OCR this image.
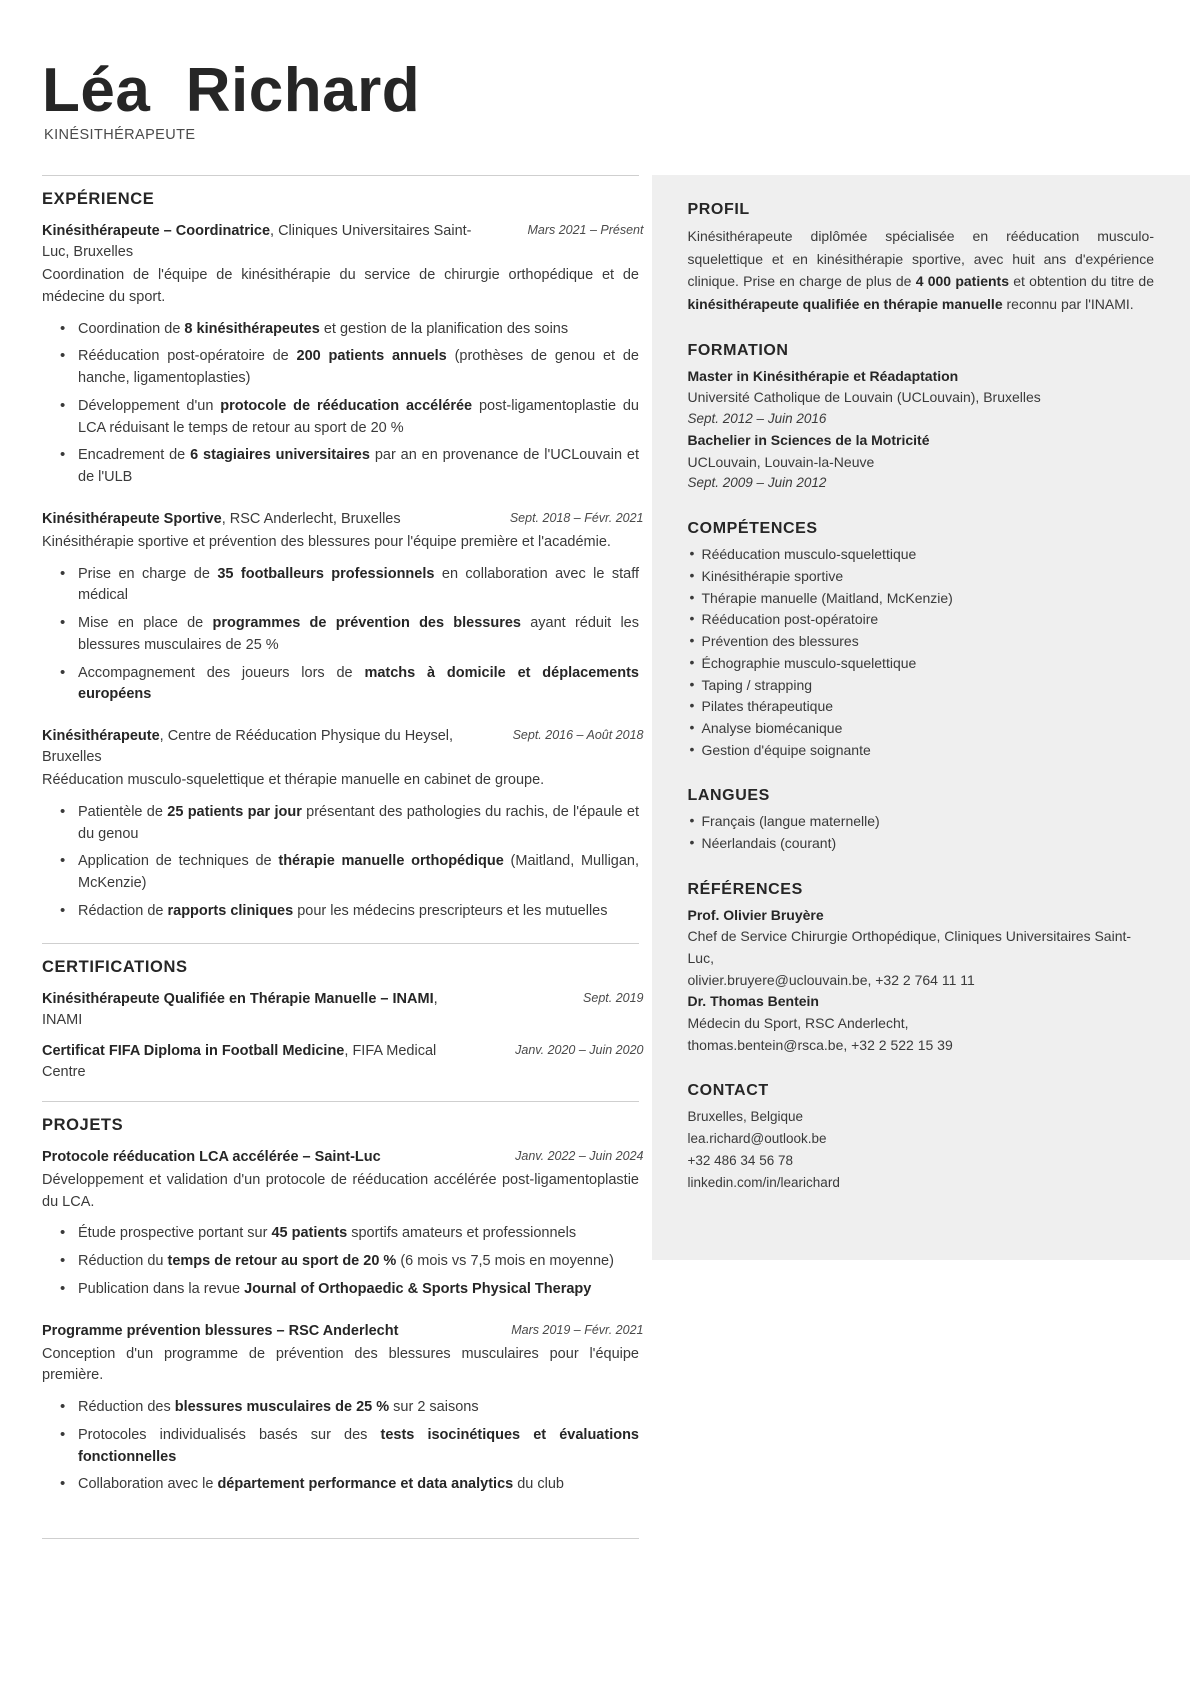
Léa  Richard
KINÉSITHÉRAPEUTE
EXPÉRIENCE
Kinésithérapeute – Coordinatrice, Cliniques Universitaires Saint-Luc, Bruxelles
Mars 2021 – Présent
Coordination de l'équipe de kinésithérapie du service de chirurgie orthopédique et de médecine du sport.
• Coordination de 8 kinésithérapeutes et gestion de la planification des soins
• Rééducation post-opératoire de 200 patients annuels (prothèses de genou et de hanche, ligamentoplasties)
• Développement d'un protocole de rééducation accélérée post-ligamentoplastie du LCA réduisant le temps de retour au sport de 20 %
• Encadrement de 6 stagiaires universitaires par an en provenance de l'UCLouvain et de l'ULB
Kinésithérapeute Sportive, RSC Anderlecht, Bruxelles	Sept. 2018 – Févr. 2021
Kinésithérapie sportive et prévention des blessures pour l'équipe première et l'académie.
• Prise en charge de 35 footballeurs professionnels en collaboration avec le staff médical
• Mise en place de programmes de prévention des blessures ayant réduit les blessures musculaires de 25 %
• Accompagnement des joueurs lors de matchs à domicile et déplacements européens
Kinésithérapeute, Centre de Rééducation Physique du Heysel, Bruxelles
Sept. 2016 – Août 2018
Rééducation musculo-squelettique et thérapie manuelle en cabinet de groupe.
• Patientèle de 25 patients par jour présentant des pathologies du rachis, de l'épaule et du genou
• Application de techniques de thérapie manuelle orthopédique (Maitland, Mulligan, McKenzie)
• Rédaction de rapports cliniques pour les médecins prescripteurs et les mutuelles
CERTIFICATIONS
Kinésithérapeute Qualifiée en Thérapie Manuelle – INAMI, INAMI
Sept. 2019
Certificat FIFA Diploma in Football Medicine, FIFA Medical Centre
Janv. 2020 – Juin 2020
PROJETS
Protocole rééducation LCA accélérée – Saint-Luc	Janv. 2022 – Juin 2024
Développement et validation d'un protocole de rééducation accélérée post-ligamentoplastie du LCA.
• Étude prospective portant sur 45 patients sportifs amateurs et professionnels
• Réduction du temps de retour au sport de 20 % (6 mois vs 7,5 mois en moyenne)
• Publication dans la revue Journal of Orthopaedic & Sports Physical Therapy
Programme prévention blessures – RSC Anderlecht	Mars 2019 – Févr. 2021
Conception d'un programme de prévention des blessures musculaires pour l'équipe première.
• Réduction des blessures musculaires de 25 % sur 2 saisons
• Protocoles individualisés basés sur des tests isocinétiques et évaluations fonctionnelles
• Collaboration avec le département performance et data analytics du club
PROFIL

Kinésithérapeute diplômée spécialisée en rééducation musculo-squelettique et en kinésithérapie sportive, avec huit ans d'expérience clinique. Prise en charge de plus de 4 000 patients et obtention du titre de kinésithérapeute qualifiée en thérapie manuelle reconnu par l'INAMI.

FORMATION
Master in Kinésithérapie et Réadaptation
Université Catholique de Louvain (UCLouvain), Bruxelles
Sept. 2012 – Juin 2016
Bachelier in Sciences de la Motricité
UCLouvain, Louvain-la-Neuve
Sept. 2009 – Juin 2012
COMPÉTENCES
• Rééducation musculo-squelettique
• Kinésithérapie sportive
• Thérapie manuelle (Maitland, McKenzie)
• Rééducation post-opératoire
• Prévention des blessures
• Échographie musculo-squelettique
• Taping / strapping
• Pilates thérapeutique
• Analyse biomécanique
• Gestion d'équipe soignante
LANGUES
• Français (langue maternelle)
• Néerlandais (courant)
RÉFÉRENCES
Prof. Olivier Bruyère
Chef de Service Chirurgie Orthopédique, Cliniques Universitaires Saint-Luc,
olivier.bruyere@uclouvain.be, +32 2 764 11 11
Dr. Thomas Bentein
Médecin du Sport, RSC Anderlecht,
thomas.bentein@rsca.be, +32 2 522 15 39
CONTACT
Bruxelles, Belgique
lea.richard@outlook.be
+32 486 34 56 78
linkedin.com/in/learichard
